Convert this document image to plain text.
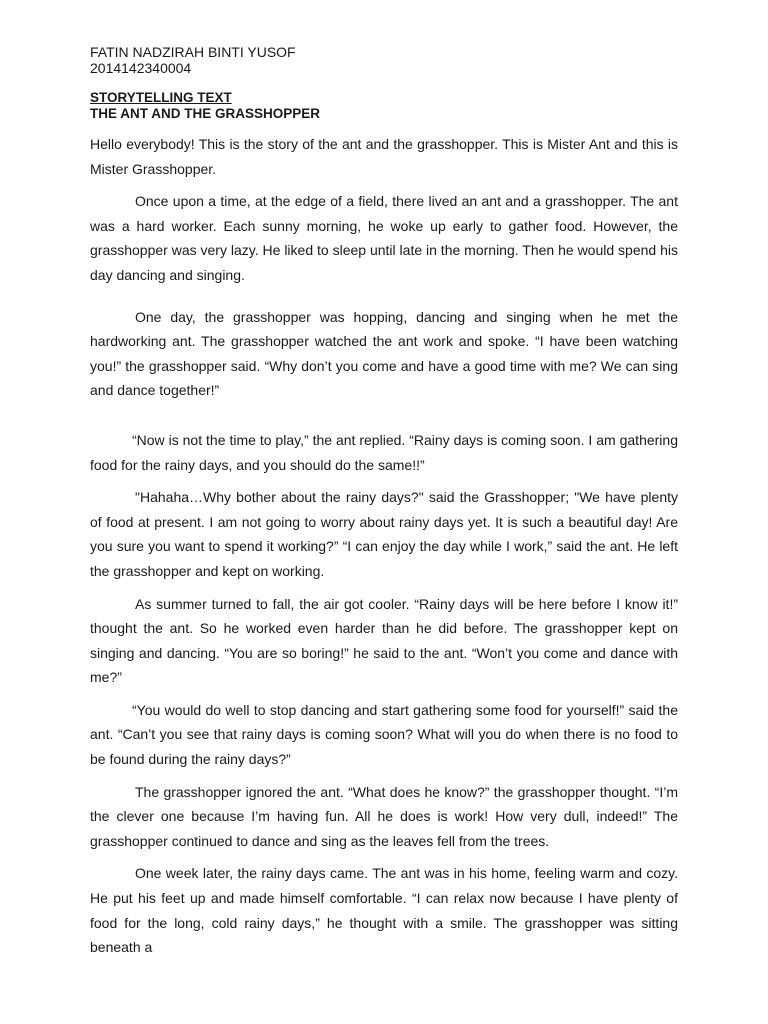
FATIN NADZIRAH BINTI YUSOF

2014142340004

STORYTELLING TEXT

THE ANT AND THE GRASSHOPPER

Hello everybody! This is the story of the ant and the grasshopper. This is Mister Ant and this is Mister Grasshopper.

Once upon a time, at the edge of a field, there lived an ant and a grasshopper. The ant was a hard worker. Each sunny morning, he woke up early to gather food. However, the grasshopper was very lazy. He liked to sleep until late in the morning. Then he would spend his day dancing and singing.

One day, the grasshopper was hopping, dancing and singing when he met the hardworking ant. The grasshopper watched the ant work and spoke. “I have been watching you!” the grasshopper said. “Why don’t you come and have a good time with me? We can sing and dance together!”

“Now is not the time to play,” the ant replied. “Rainy days is coming soon. I am gathering food for the rainy days, and you should do the same!!”

"Hahaha…Why bother about the rainy days?" said the Grasshopper; "We have plenty of food at present. I am not going to worry about rainy days yet. It is such a beautiful day! Are you sure you want to spend it working?” “I can enjoy the day while I work,” said the ant. He left the grasshopper and kept on working.

As summer turned to fall, the air got cooler. “Rainy days will be here before I know it!” thought the ant. So he worked even harder than he did before. The grasshopper kept on singing and dancing. “You are so boring!” he said to the ant. “Won’t you come and dance with me?”

“You would do well to stop dancing and start gathering some food for yourself!” said the ant. “Can’t you see that rainy days is coming soon? What will you do when there is no food to be found during the rainy days?”

The grasshopper ignored the ant. “What does he know?” the grasshopper thought. “I’m the clever one because I’m having fun. All he does is work! How very dull, indeed!” The grasshopper continued to dance and sing as the leaves fell from the trees.

One week later, the rainy days came. The ant was in his home, feeling warm and cozy. He put his feet up and made himself comfortable. “I can relax now because I have plenty of food for the long, cold rainy days,” he thought with a smile. The grasshopper was sitting beneath a
